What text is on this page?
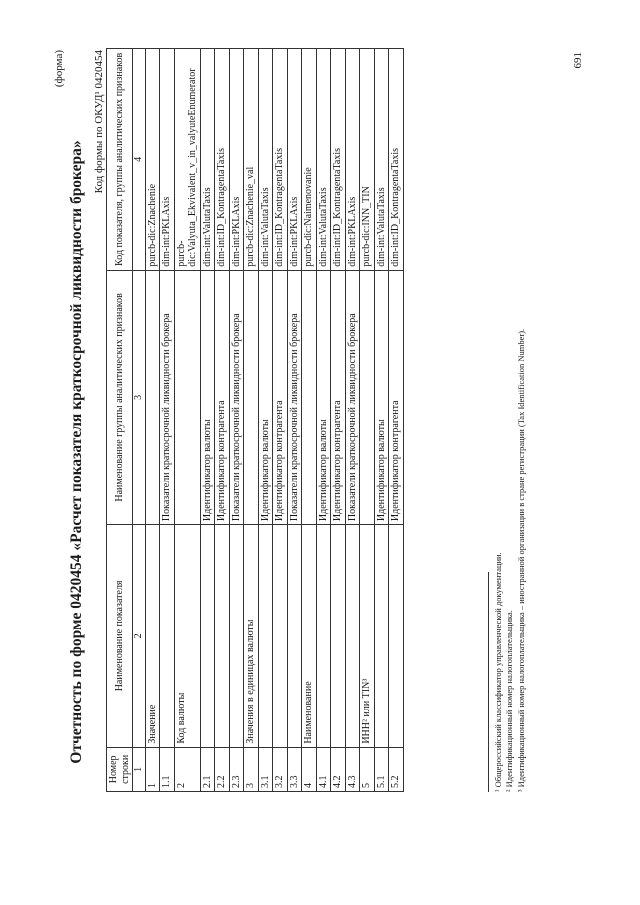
(форма)
Отчетность по форме 0420454 «Расчет показателя краткосрочной ликвидности брокера»
Код формы по ОКУД¹ 0420454
Номер строки	Наименование показателя	Наименование группы аналитических признаков	Код показателя, группы аналитических признаков
1	2	3	4
1	Значение		purcb-dic:Znachenie
1.1		Показатели краткосрочной ликвидности брокера	dim-int:PKLAxis
2	Код валюты		purcb-dic:Valyuta_Ekvivalent_v_in_valyuteEnumerator
2.1		Идентификатор валюты	dim-int:ValutaTaxis
2.2		Идентификатор контрагента	dim-int:ID_KontragentaTaxis
2.3		Показатели краткосрочной ликвидности брокера	dim-int:PKLAxis
3	Значения в единицах валюты		purcb-dic:Znachenie_val
3.1		Идентификатор валюты	dim-int:ValutaTaxis
3.2		Идентификатор контрагента	dim-int:ID_KontragentaTaxis
3.3		Показатели краткосрочной ликвидности брокера	dim-int:PKLAxis
4	Наименование		purcb-dic:Naimenovanie
4.1		Идентификатор валюты	dim-int:ValutaTaxis
4.2		Идентификатор контрагента	dim-int:ID_KontragentaTaxis
4.3		Показатели краткосрочной ликвидности брокера	dim-int:PKLAxis
5	ИНН² или TIN³		purcb-dic:INN_TIN
5.1		Идентификатор валюты	dim-int:ValutaTaxis
5.2		Идентификатор контрагента	dim-int:ID_KontragentaTaxis
¹ Общероссийский классификатор управленческой документации. ² Идентификационный номер налогоплательщика. ³ Идентификационный номер налогоплательщика – иностранной организации в стране регистрации (Tax Identification Number).
691
